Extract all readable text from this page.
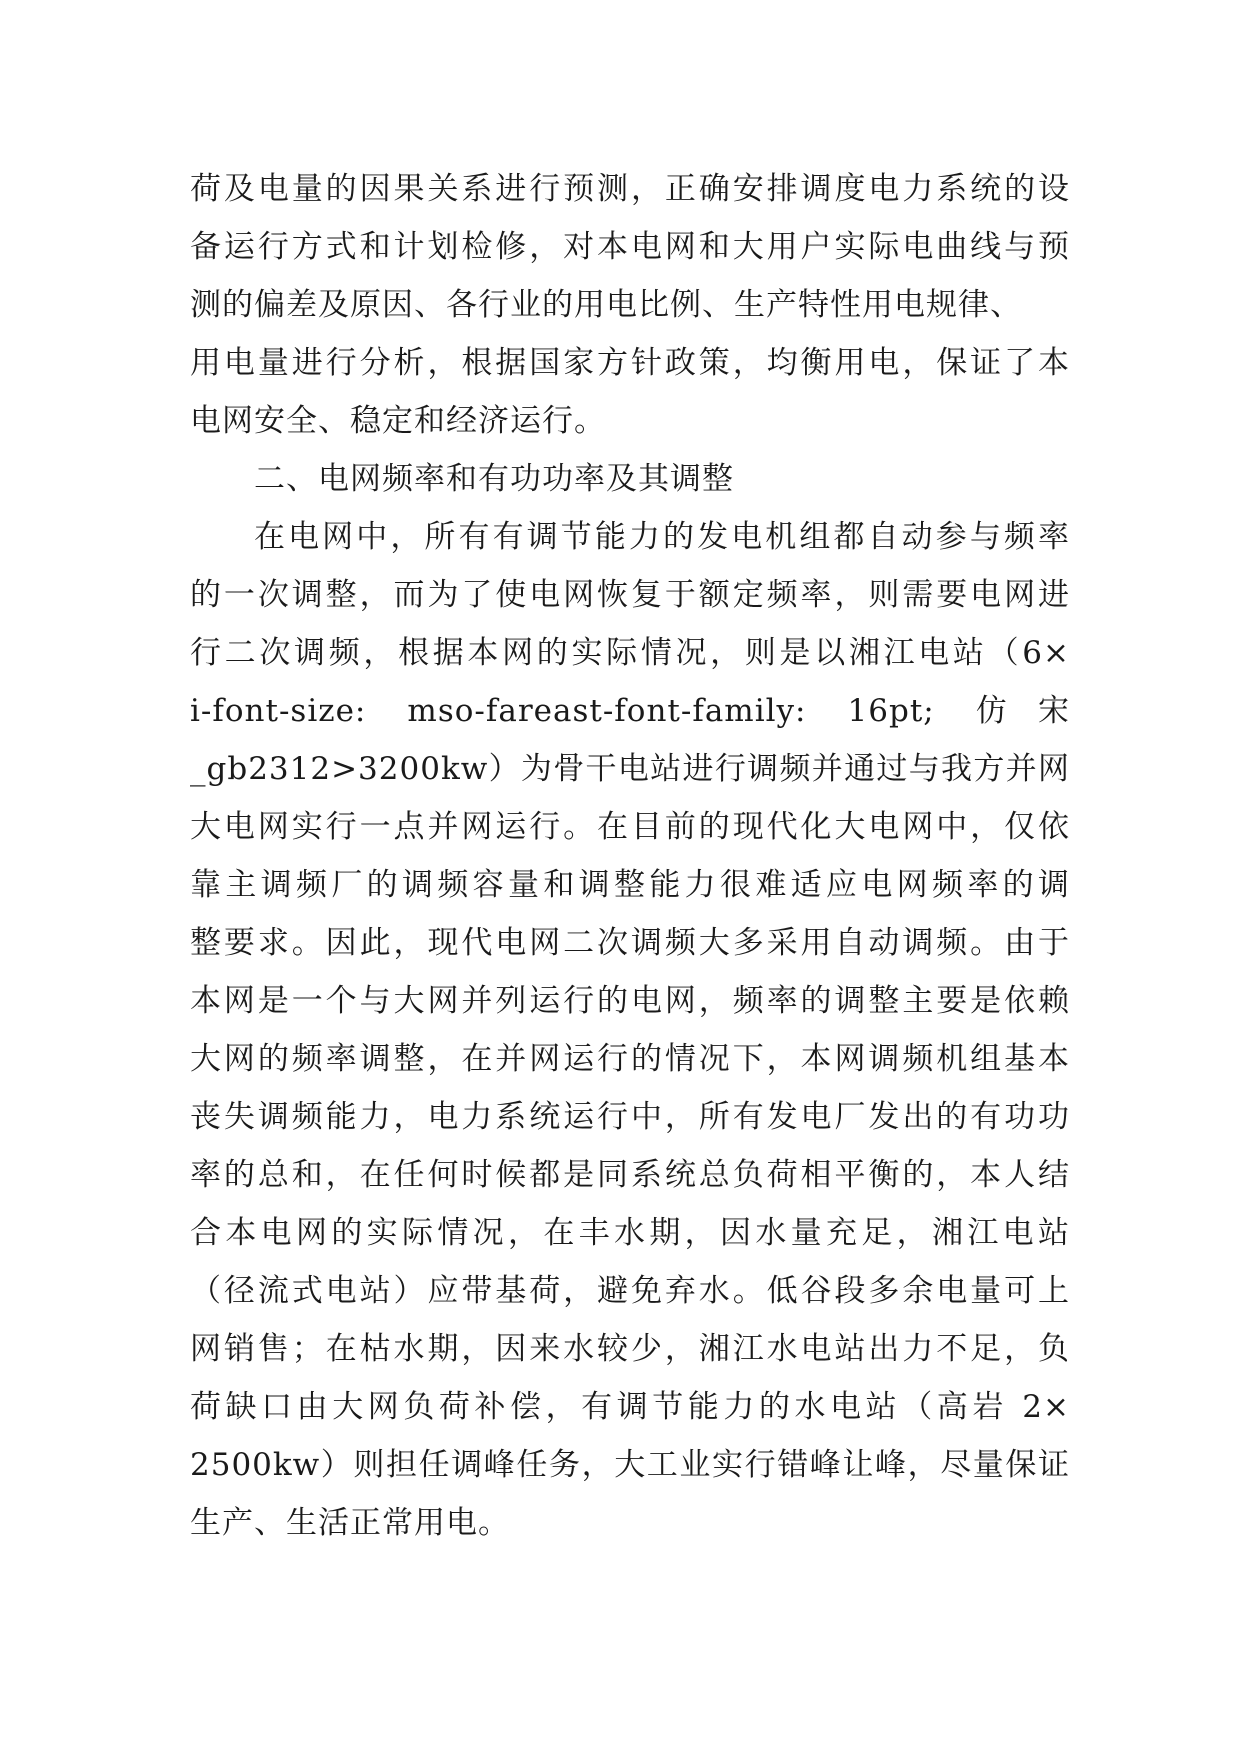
荷及电量的因果关系进行预测，正确安排调度电力系统的设
备运行方式和计划检修，对本电网和大用户实际电曲线与预
测的偏差及原因、各行业的用电比例、生产特性用电规律、
用电量进行分析，根据国家方针政策，均衡用电，保证了本
电网安全、稳定和经济运行。
二、电网频率和有功功率及其调整
在电网中，所有有调节能力的发电机组都自动参与频率
的一次调整，而为了使电网恢复于额定频率，则需要电网进
行二次调频，根据本网的实际情况，则是以湘江电站（6×
i-font-size: mso-fareast-font-family: 16pt; 仿宋
_gb2312>3200kw）为骨干电站进行调频并通过与我方并网
大电网实行一点并网运行。在目前的现代化大电网中，仅依
靠主调频厂的调频容量和调整能力很难适应电网频率的调
整要求。因此，现代电网二次调频大多采用自动调频。由于
本网是一个与大网并列运行的电网，频率的调整主要是依赖
大网的频率调整，在并网运行的情况下，本网调频机组基本
丧失调频能力，电力系统运行中，所有发电厂发出的有功功
率的总和，在任何时候都是同系统总负荷相平衡的，本人结
合本电网的实际情况，在丰水期，因水量充足，湘江电站
（径流式电站）应带基荷，避免弃水。低谷段多余电量可上
网销售；在枯水期，因来水较少，湘江水电站出力不足，负
荷缺口由大网负荷补偿，有调节能力的水电站（高岩 2×
2500kw）则担任调峰任务，大工业实行错峰让峰，尽量保证
生产、生活正常用电。
